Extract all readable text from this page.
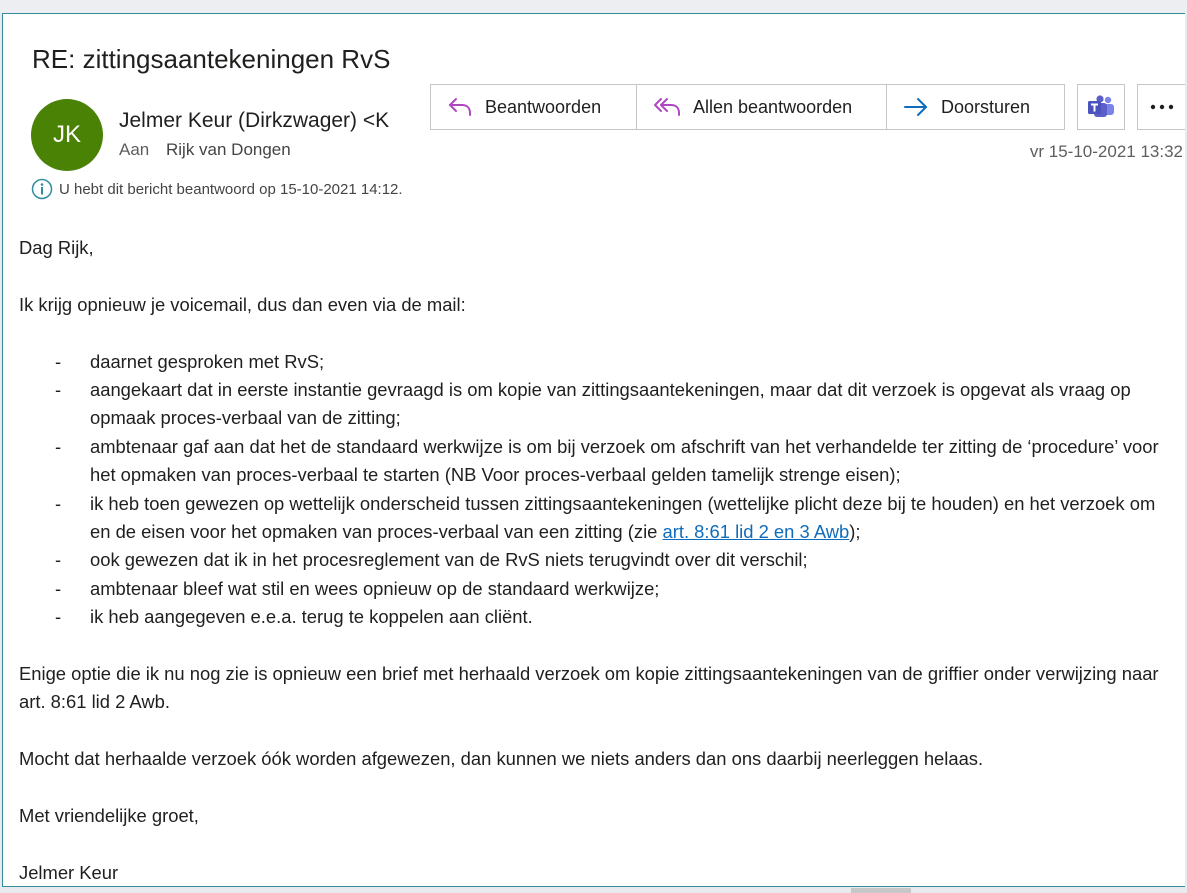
RE: zittingsaantekeningen RvS
JK
Jelmer Keur (Dirkzwager) <K
Aan Rijk van Dongen
Beantwoorden	Allen beantwoorden	Doorsturen
vr 15-10-2021 13:32
U hebt dit bericht beantwoord op 15-10-2021 14:12.

Dag Rijk,

Ik krijg opnieuw je voicemail, dus dan even via de mail:

- daarnet gesproken met RvS;
- aangekaart dat in eerste instantie gevraagd is om kopie van zittingsaantekeningen, maar dat dit verzoek is opgevat als vraag op opmaak proces-verbaal van de zitting;
- ambtenaar gaf aan dat het de standaard werkwijze is om bij verzoek om afschrift van het verhandelde ter zitting de ‘procedure’ voor het opmaken van proces-verbaal te starten (NB Voor proces-verbaal gelden tamelijk strenge eisen);
- ik heb toen gewezen op wettelijk onderscheid tussen zittingsaantekeningen (wettelijke plicht deze bij te houden) en het verzoek om en de eisen voor het opmaken van proces-verbaal van een zitting (zie art. 8:61 lid 2 en 3 Awb);
- ook gewezen dat ik in het procesreglement van de RvS niets terugvindt over dit verschil;
- ambtenaar bleef wat stil en wees opnieuw op de standaard werkwijze;
- ik heb aangegeven e.e.a. terug te koppelen aan cliënt.

Enige optie die ik nu nog zie is opnieuw een brief met herhaald verzoek om kopie zittingsaantekeningen van de griffier onder verwijzing naar art. 8:61 lid 2 Awb.

Mocht dat herhaalde verzoek óók worden afgewezen, dan kunnen we niets anders dan ons daarbij neerleggen helaas.

Met vriendelijke groet,

Jelmer Keur
